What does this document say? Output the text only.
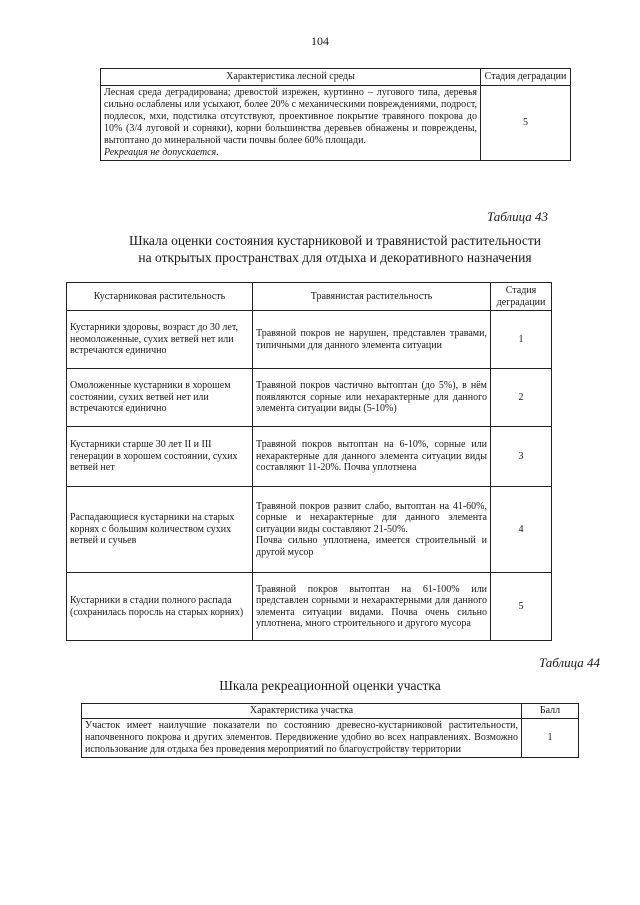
104
Характеристика лесной среды	Стадия деградации
Лесная среда деградирована; древостой изрежен, куртинно – лугового типа, деревья сильно ослаблены или усыхают, более 20% с механическими повреждениями, подрост, подлесок, мхи, подстилка отсутствуют, проективное покрытие травяного покрова до 10% (3/4 луговой и сорняки), корни большинства деревьев обнажены и повреждены, вытоптано до минеральной части почвы более 60% площади.
Рекреация не допускается.	5
Таблица 43
Шкала оценки состояния кустарниковой и травянистой растительности
на открытых пространствах для отдыха и декоративного назначения
Кустарниковая растительность	Травянистая растительность	Стадия деградации
Кустарники здоровы, возраст до 30 лет, неомоложенные, сухих ветвей нет или встречаются единично	Травяной покров не нарушен, представлен травами, типичными для данного элемента ситуации	1
Омоложенные кустарники в хорошем состоянии, сухих ветвей нет или встречаются единично	Травяной покров частично вытоптан (до 5%), в нём появляются сорные или нехарактерные для данного элемента ситуации виды (5-10%)	2
Кустарники старше 30 лет II и III генерации в хорошем состоянии, сухих ветвей нет	Травяной покров вытоптан на 6-10%, сорные или нехарактерные для данного элемента ситуации виды составляют 11-20%. Почва уплотнена	3
Распадающиеся кустарники на старых корнях с большим количеством сухих ветвей и сучьев	Травяной покров развит слабо, вытоптан на 41-60%, сорные и нехарактерные для данного элемента ситуации виды составляют 21-50%.
Почва сильно уплотнена, имеется строительный и другой мусор	4
Кустарники в стадии полного распада (сохранилась поросль на старых корнях)	Травяной покров вытоптан на 61-100% или представлен сорными и нехарактерными для данного элемента ситуации видами. Почва очень сильно уплотнена, много строительного и другого мусора	5
Таблица 44
Шкала рекреационной оценки участка
Характеристика участка	Балл
Участок имеет наилучшие показатели по состоянию древесно-кустарниковой растительности, напочвенного покрова и других элементов. Передвижение удобно во всех направлениях. Возможно использование для отдыха без проведения мероприятий по благоустройству территории	1
